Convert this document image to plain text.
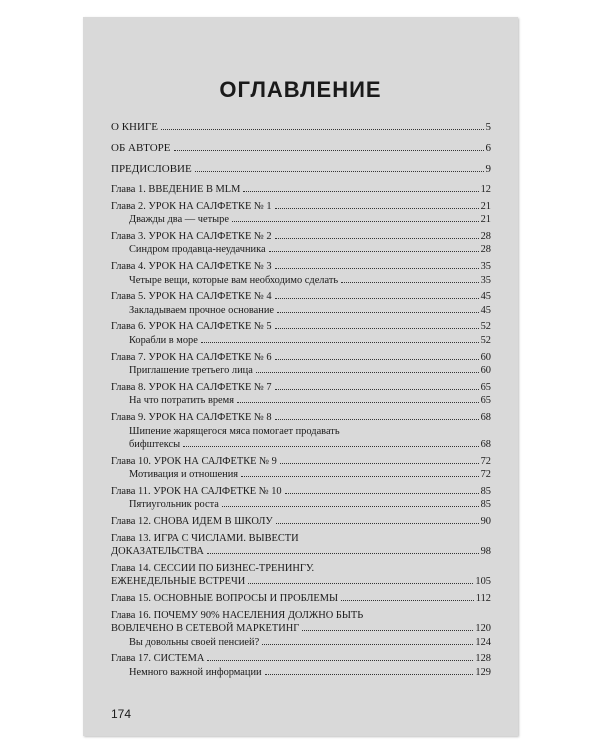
ОГЛАВЛЕНИЕ
О КНИГЕ	5
ОБ АВТОРЕ	6
ПРЕДИСЛОВИЕ	9
Глава 1. ВВЕДЕНИЕ В MLM	12
Глава 2. УРОК НА САЛФЕТКЕ № 1	21
Дважды два — четыре	21
Глава 3. УРОК НА САЛФЕТКЕ № 2	28
Синдром продавца-неудачника	28
Глава 4. УРОК НА САЛФЕТКЕ № 3	35
Четыре вещи, которые вам необходимо сделать	35
Глава 5. УРОК НА САЛФЕТКЕ № 4	45
Закладываем прочное основание	45
Глава 6. УРОК НА САЛФЕТКЕ № 5	52
Корабли в море	52
Глава 7. УРОК НА САЛФЕТКЕ № 6	60
Приглашение третьего лица	60
Глава 8. УРОК НА САЛФЕТКЕ № 7	65
На что потратить время	65
Глава 9. УРОК НА САЛФЕТКЕ № 8	68
Шипение жарящегося мяса помогает продавать
бифштексы	68
Глава 10. УРОК НА САЛФЕТКЕ № 9	72
Мотивация и отношения	72
Глава 11. УРОК НА САЛФЕТКЕ № 10	85
Пятиугольник роста	85
Глава 12. СНОВА ИДЕМ В ШКОЛУ	90
Глава 13. ИГРА С ЧИСЛАМИ. ВЫВЕСТИ
ДОКАЗАТЕЛЬСТВА	98
Глава 14. СЕССИИ ПО БИЗНЕС-ТРЕНИНГУ.
ЕЖЕНЕДЕЛЬНЫЕ ВСТРЕЧИ	105
Глава 15. ОСНОВНЫЕ ВОПРОСЫ И ПРОБЛЕМЫ	112
Глава 16. ПОЧЕМУ 90% НАСЕЛЕНИЯ ДОЛЖНО БЫТЬ
ВОВЛЕЧЕНО В СЕТЕВОЙ МАРКЕТИНГ	120
Вы довольны своей пенсией?	124
Глава 17. СИСТЕМА	128
Немного важной информации	129
174
